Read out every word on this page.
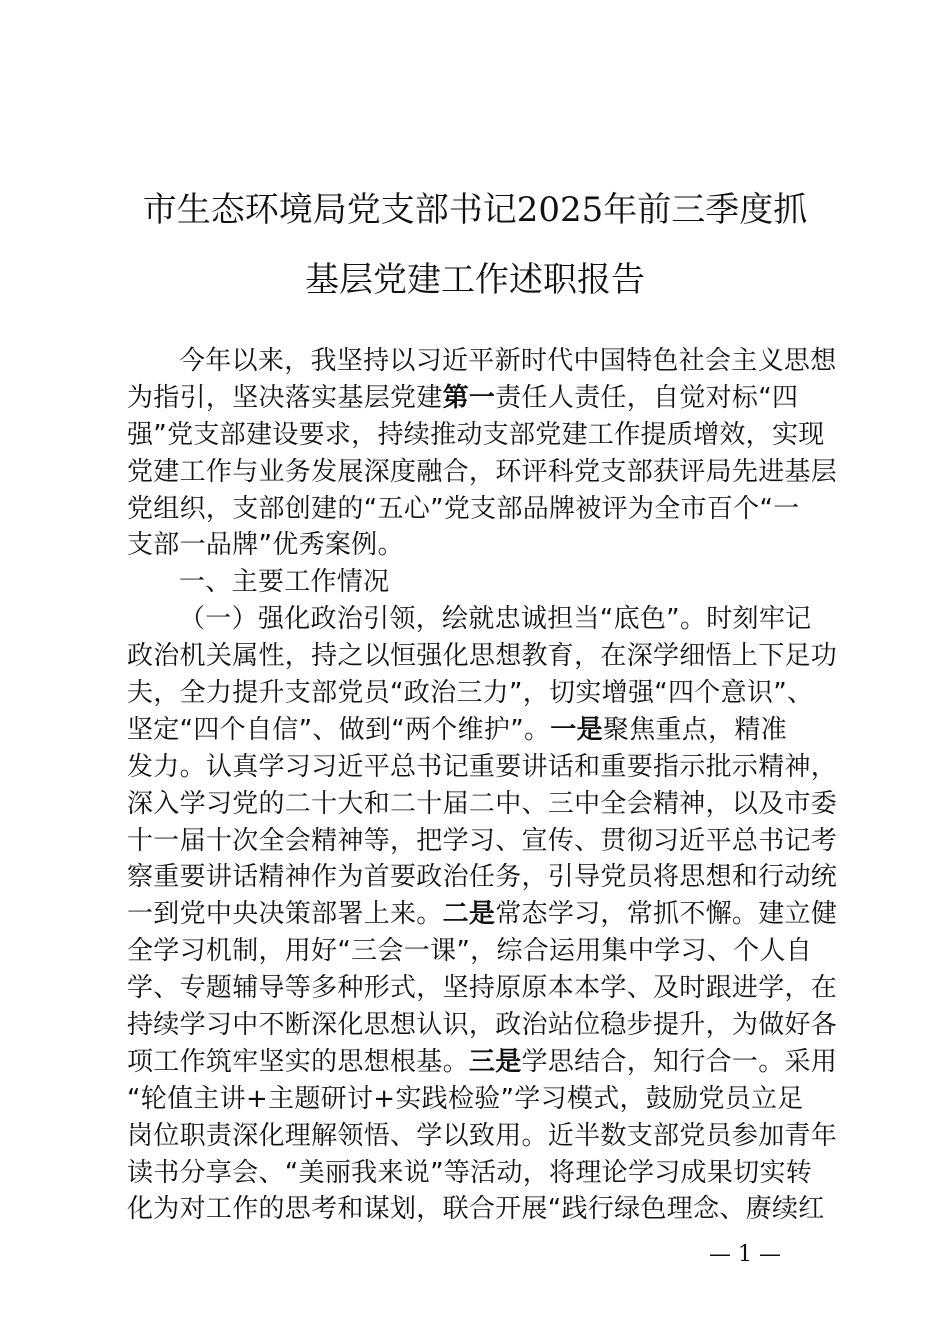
市生态环境局党支部书记2025年前三季度抓
基层党建工作述职报告
今年以来，我坚持以习近平新时代中国特色社会主义思想
为指引，坚决落实基层党建第一责任人责任，自觉对标“四
强”党支部建设要求，持续推动支部党建工作提质增效，实现
党建工作与业务发展深度融合，环评科党支部获评局先进基层
党组织，支部创建的“五心”党支部品牌被评为全市百个“一
支部一品牌”优秀案例。
一、主要工作情况
（一）强化政治引领，绘就忠诚担当“底色”。时刻牢记
政治机关属性，持之以恒强化思想教育，在深学细悟上下足功
夫，全力提升支部党员“政治三力”，切实增强“四个意识”、
坚定“四个自信”、做到“两个维护”。一是聚焦重点，精准
发力。认真学习习近平总书记重要讲话和重要指示批示精神，
深入学习党的二十大和二十届二中、三中全会精神，以及市委
十一届十次全会精神等，把学习、宣传、贯彻习近平总书记考
察重要讲话精神作为首要政治任务，引导党员将思想和行动统
一到党中央决策部署上来。二是常态学习，常抓不懈。建立健
全学习机制，用好“三会一课”，综合运用集中学习、个人自
学、专题辅导等多种形式，坚持原原本本学、及时跟进学，在
持续学习中不断深化思想认识，政治站位稳步提升，为做好各
项工作筑牢坚实的思想根基。三是学思结合，知行合一。采用
“轮值主讲+主题研讨+实践检验”学习模式，鼓励党员立足
岗位职责深化理解领悟、学以致用。近半数支部党员参加青年
读书分享会、“美丽我来说”等活动，将理论学习成果切实转
化为对工作的思考和谋划，联合开展“践行绿色理念、赓续红
— 1 —
